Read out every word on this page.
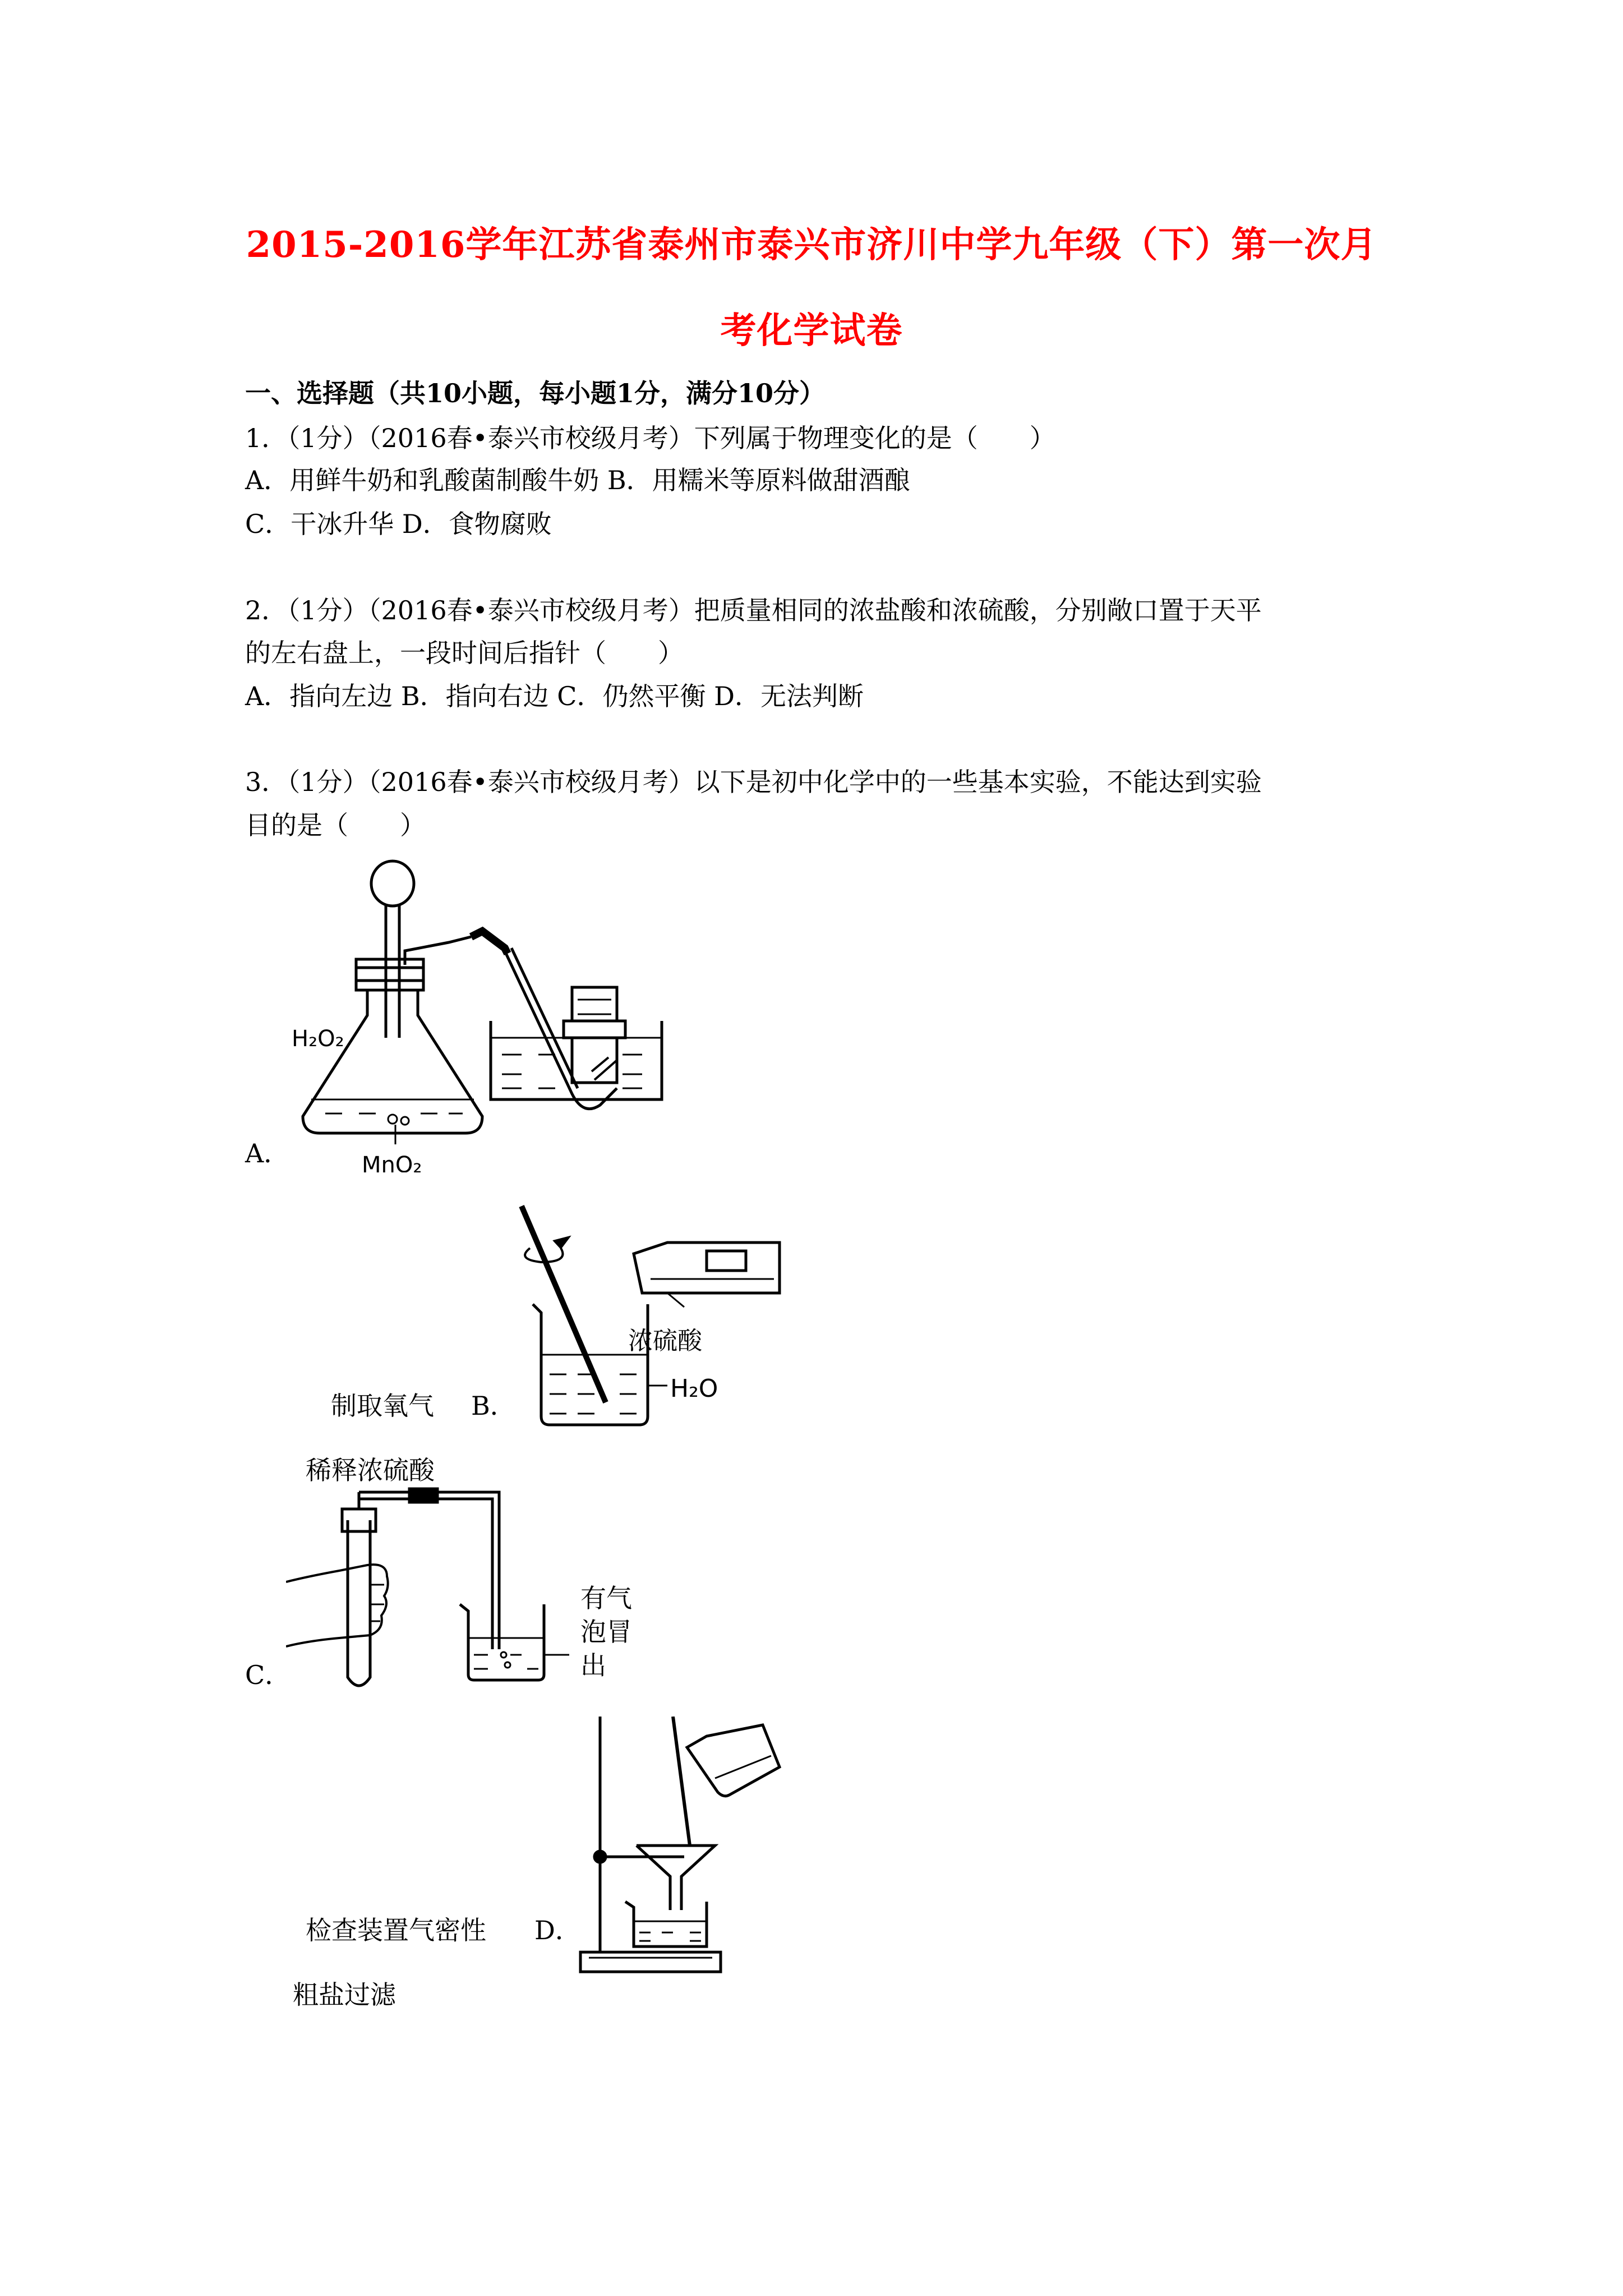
2015-2016学年江苏省泰州市泰兴市济川中学九年级（下）第一次月
考化学试卷
一、选择题（共10小题，每小题1分，满分10分）
1．（1分）（2016春•泰兴市校级月考）下列属于物理变化的是（　　）
A．用鲜牛奶和乳酸菌制酸牛奶 B．用糯米等原料做甜酒酿
C．干冰升华 D．食物腐败
2．（1分）（2016春•泰兴市校级月考）把质量相同的浓盐酸和浓硫酸，分别敞口置于天平
的左右盘上，一段时间后指针（　　）
A．指向左边 B．指向右边 C．仍然平衡 D．无法判断
3．（1分）（2016春•泰兴市校级月考）以下是初中化学中的一些基本实验，不能达到实验
目的是（　　）
H₂O₂
MnO₂
A．
浓硫酸
H₂O
制取氧气 B．
稀释浓硫酸
有气
泡冒
出
C．
检查装置气密性 D．
粗盐过滤
